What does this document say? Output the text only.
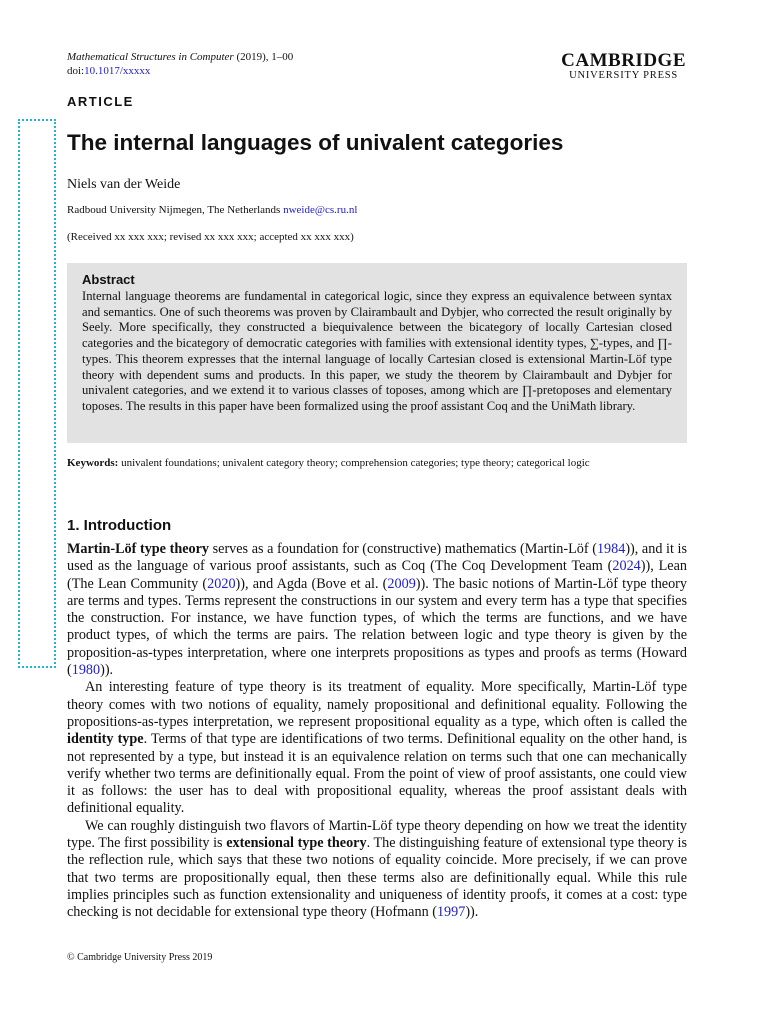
Mathematical Structures in Computer (2019), 1–00
doi:10.1017/xxxxx	CAMBRIDGE
UNIVERSITY PRESS
ARTICLE
The internal languages of univalent categories
Niels van der Weide
Radboud University Nijmegen, The Netherlands nweide@cs.ru.nl
(Received xx xxx xxx; revised xx xxx xxx; accepted xx xxx xxx)
Abstract

Internal language theorems are fundamental in categorical logic, since they express an equivalence between syntax and semantics. One of such theorems was proven by Clairambault and Dybjer, who corrected the result originally by Seely. More specifically, they constructed a biequivalence between the bicategory of locally Cartesian closed categories and the bicategory of democratic categories with families with extensional identity types, ∑-types, and ∏-types. This theorem expresses that the internal language of locally Cartesian closed is extensional Martin-Löf type theory with dependent sums and products. In this paper, we study the theorem by Clairambault and Dybjer for univalent categories, and we extend it to various classes of toposes, among which are ∏-pretoposes and elementary toposes. The results in this paper have been formalized using the proof assistant Coq and the UniMath library.

Keywords: univalent foundations; univalent category theory; comprehension categories; type theory; categorical logic
1. Introduction

Martin-Löf type theory serves as a foundation for (constructive) mathematics (Martin-Löf (1984)), and it is used as the language of various proof assistants, such as Coq (The Coq Development Team (2024)), Lean (The Lean Community (2020)), and Agda (Bove et al. (2009)). The basic notions of Martin-Löf type theory are terms and types. Terms represent the constructions in our system and every term has a type that specifies the construction. For instance, we have function types, of which the terms are functions, and we have product types, of which the terms are pairs. The relation between logic and type theory is given by the proposition-as-types interpretation, where one interprets propositions as types and proofs as terms (Howard (1980)).

An interesting feature of type theory is its treatment of equality. More specifically, Martin-Löf type theory comes with two notions of equality, namely propositional and definitional equality. Following the propositions-as-types interpretation, we represent propositional equality as a type, which often is called the identity type. Terms of that type are identifications of two terms. Definitional equality on the other hand, is not represented by a type, but instead it is an equivalence relation on terms such that one can mechanically verify whether two terms are definitionally equal. From the point of view of proof assistants, one could view it as follows: the user has to deal with propositional equality, whereas the proof assistant deals with definitional equality.

We can roughly distinguish two flavors of Martin-Löf type theory depending on how we treat the identity type. The first possibility is extensional type theory. The distinguishing feature of extensional type theory is the reflection rule, which says that these two notions of equality coincide. More precisely, if we can prove that two terms are propositionally equal, then these terms also are definitionally equal. While this rule implies principles such as function extensionality and uniqueness of identity proofs, it comes at a cost: type checking is not decidable for extensional type theory (Hofmann (1997)).

© Cambridge University Press 2019
